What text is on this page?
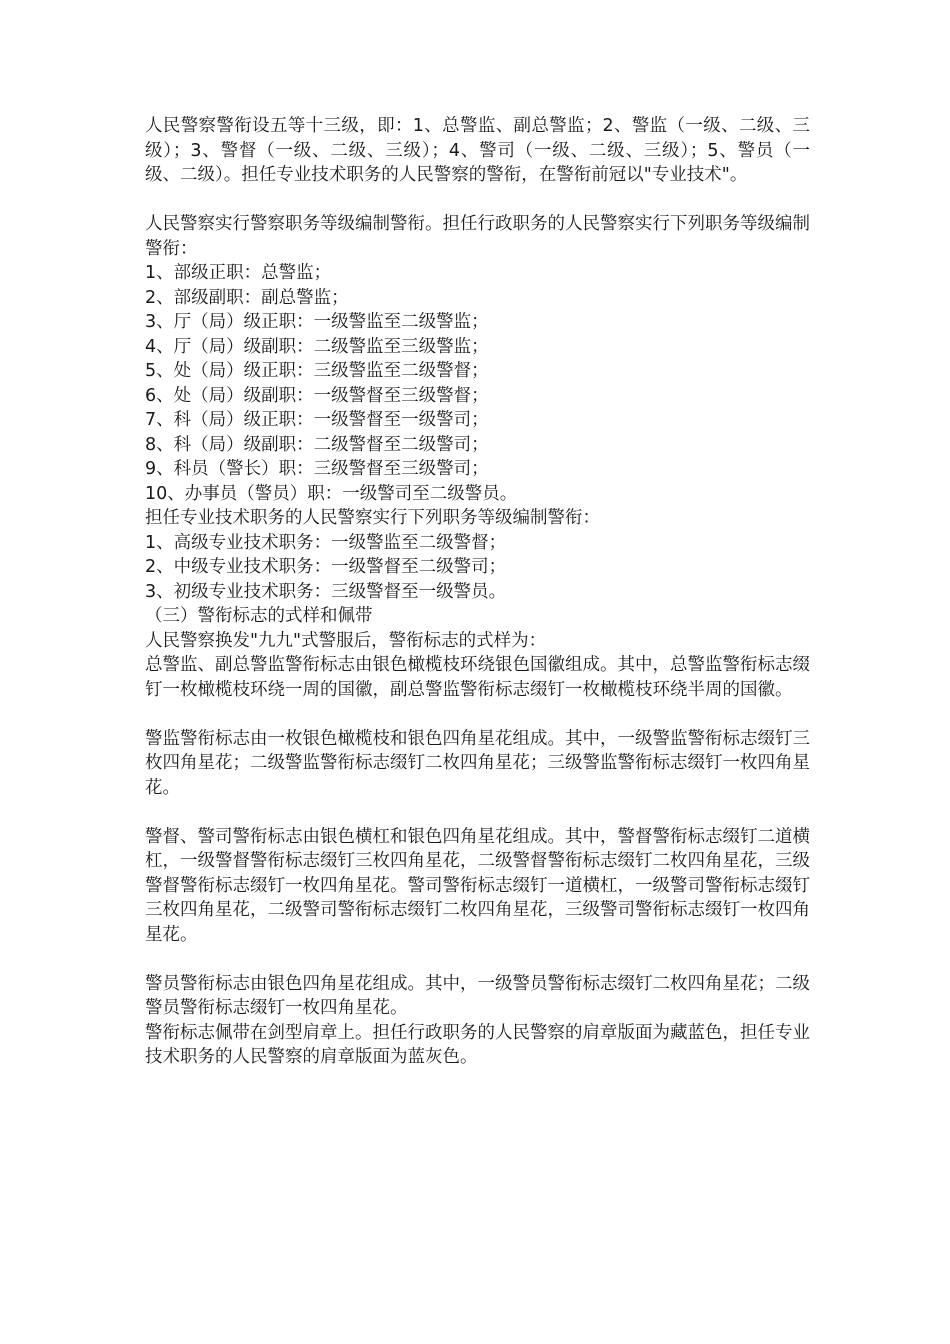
人民警察警衔设五等十三级，即：1、总警监、副总警监；2、警监（一级、二级、三级）；3、警督（一级、二级、三级）；4、警司（一级、二级、三级）；5、警员（一级、二级）。担任专业技术职务的人民警察的警衔，在警衔前冠以"专业技术"。

人民警察实行警察职务等级编制警衔。担任行政职务的人民警察实行下列职务等级编制警衔：

1、部级正职：总警监；

2、部级副职：副总警监；

3、厅（局）级正职：一级警监至二级警监；

4、厅（局）级副职：二级警监至三级警监；

5、处（局）级正职：三级警监至二级警督；

6、处（局）级副职：一级警督至三级警督；

7、科（局）级正职：一级警督至一级警司；

8、科（局）级副职：二级警督至二级警司；

9、科员（警长）职：三级警督至三级警司；

10、办事员（警员）职：一级警司至二级警员。

担任专业技术职务的人民警察实行下列职务等级编制警衔：

1、高级专业技术职务：一级警监至二级警督；

2、中级专业技术职务：一级警督至二级警司；

3、初级专业技术职务：三级警督至一级警员。

（三）警衔标志的式样和佩带

人民警察换发"九九"式警服后，警衔标志的式样为：

总警监、副总警监警衔标志由银色橄榄枝环绕银色国徽组成。其中，总警监警衔标志缀钉一枚橄榄枝环绕一周的国徽，副总警监警衔标志缀钉一枚橄榄枝环绕半周的国徽。

警监警衔标志由一枚银色橄榄枝和银色四角星花组成。其中，一级警监警衔标志缀钉三枚四角星花；二级警监警衔标志缀钉二枚四角星花；三级警监警衔标志缀钉一枚四角星花。

警督、警司警衔标志由银色横杠和银色四角星花组成。其中，警督警衔标志缀钉二道横杠，一级警督警衔标志缀钉三枚四角星花，二级警督警衔标志缀钉二枚四角星花，三级警督警衔标志缀钉一枚四角星花。警司警衔标志缀钉一道横杠，一级警司警衔标志缀钉三枚四角星花，二级警司警衔标志缀钉二枚四角星花，三级警司警衔标志缀钉一枚四角星花。

警员警衔标志由银色四角星花组成。其中，一级警员警衔标志缀钉二枚四角星花；二级警员警衔标志缀钉一枚四角星花。

警衔标志佩带在剑型肩章上。担任行政职务的人民警察的肩章版面为藏蓝色，担任专业技术职务的人民警察的肩章版面为蓝灰色。
